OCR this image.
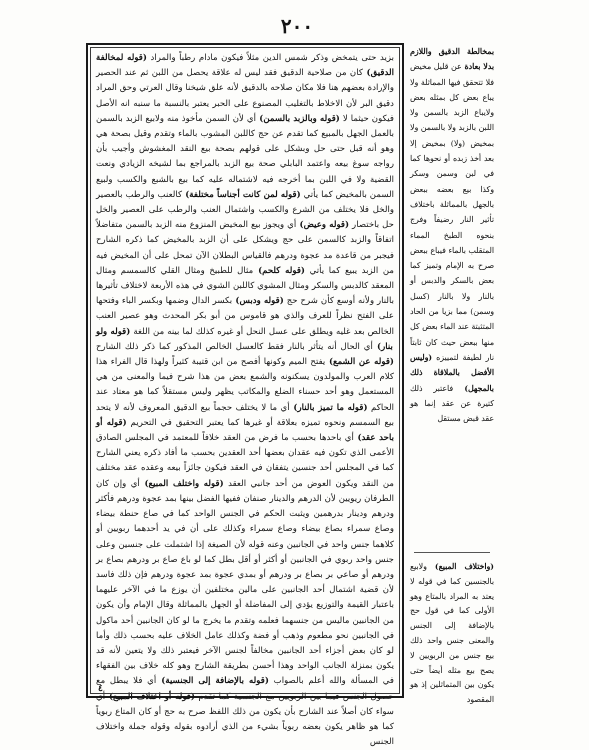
٢٠٠

بزيد حتى يتمخض وذكر شمس الدين مثلاً فيكون مادام رطباً والمراد (قوله لمخالفة الدقيق) كان من صلاحية الدقيق فقد ليس له علاقة يحصل من اللبن ثم عند الحصير والإرادة بعضهم هنا فلا مكان صلاحه بالدقيق لأنه علق شيخنا وقال العرتي وحق المراد دقيق البر لأن الاخلاط بالتغليب المصنوع على الحبر يعتبر بالنسبة ما سنبه انه الأصل فيكون حيثما لا (قوله وبالزبد بالسمن) أي لأن السمن مأخوذ منه ولابيع الزبد بالسمن بالعمل الجهل بالمبيع كما تقدم عن حج كاللبن المشوب بالماء وتقدم وقيل بصحة هي وهو أنه قبل حتى حل وبشكل على قولهم بصحة بيع النقد المغشوش وأجيب بأن رواجه سوغ بيعه واعتمد البابلي صحة بيع الزبد بالمراجع بما لشيخه الزيادي ونعت القضية ولا في اللبن بما أخرجه فيه لاشتماله عليه كما بيع بالشبع والكسب ولبيع السمن بالمخيض كما يأتي (قوله لمن كانت أجناساً مختلفة) كالعنب والرطب بالعصير والخل فلا يختلف من الشرع والكسب واشتمال العنب والرطب على العصير والخل حل باختصار (قوله وعيض) أي ويجوز بيع المخيض المنزوع منه الزبد بالسمن متفاضلاً اتفاقاً والزبد كالسمن على حج ويشكل على أن الزبد بالمخيض كما ذكره الشارح فيجبر من قاعدة مد عجوة ودرهم فالقياس البطلان الآن تمحل على أن المخيض فيه من الزبد يبيع كما يأتي (قوله كلحم) مثال للطبيخ ومثال القلي كالسمسم ومثال المعقد كالدبس والسكر ومثال المشوي كاللبن الشوي في هذه الأربعة لاختلاف تأثيرها بالنار ولأنه أوسع كأن شرح حج (قوله ودبس) بكسر الدال وضمها وبكسر الباء وفتحها على الفتح نظراً للعرف والذي هو قاموس من أبو بكر المحدث وهو عصير العنب الخالص بعد غليه ويطلق على عسل النحل أو غيره كذلك لما بينه من اللغة (قوله ولو بنار) أي الحال أنه يتأثر بالنار فقط كالعسل الخالص المذكور كما ذكر ذلك الشارح (قوله عن الشمع) يفتح الميم وكونها أفصح من ابن قتيبة كثيراً ولهذا قال الفراء هذا كلام العرب والمولدون يسكنونه والشمع بعض من هذا شرح فيما والمعنى من هي المستعمل وهو أحد حسناء الضلع والمكاتب يظهر وليس مستقلاً كما هو معتاد عند الحاكم (قوله ما تميز بالنار) أي ما لا يختلف حجماً بيع الدقيق المعروف لأنه لا يتحد بيع السمسم ونحوه تميزه بعلاقة أو غيرها كما يعتبر التحقيق في التحريم (قوله أو باحد عقد) أي باحدها بحسب ما فرض من العقد خلافاً للمعتمد في المجلس الصادق الأعمى الذي تكون فيه عقدان بعضها أحد العقدين بحسب ما أفاد ذكره يعني الشارح كما في المجلس أحد جنسين يتفقان في العقد فيكون جائزاً بيعه وعقده عقد مختلف من النقد ويكون العوض من أحد جانبي العقد (قوله واختلف المبيع) أي وإن كان الطرفان ريويين لأن الدرهم والدينار صنفان ففيها الفضل بينها بمد عجوة ودرهم فأكثر ودرهم ودينار بدرهمين ويثبت الحكم في الجنس الواحد كما في صاع حنطة بيضاء وصاع سمراء بصاع بيضاء وصاع سمراء وكذلك على أن في يد أحدهما ربويين أو كلاهما جنس واحد في الجانبين وعنه قوله لأن الصيغة إذا اشتملت على جنسين وعلى جنس واحد ربوي في الجانبين أو أكثر أو أقل بطل كما لو باع صاع بر ودرهم بصاع بر ودرهم أو صاعي بر بصاع بر ودرهم أو بمدي عجوة بمد عجوة ودرهم فإن ذلك فاسد لأن قضية اشتمال أحد الجانبين على مالين مختلفين أن يوزع ما في الآخر عليهما باعتبار القيمة والتوزيع يؤدي إلى المفاضلة أو الجهل بالمماثلة وقال الإمام وأن يكون من الجانبين ماليس من جنسهما فعلمه وتقدم ما يخرج ما لو كان الجانبين أحد ماكول في الجانبين نحو مطعوم وذهب أو فضة وكذلك عامل الخلاف عليه بحسب ذلك وأما لو كان بعض أجزاء أحد الجانبين مخالفاً لجنس الآخر فيعتبر ذلك ولا يتعين لأنه قد يكون بمنزلة الجانب الواحد وهذا أحسن بطريقة الشارح وهو كله خلاف بين الفقهاء في المسألة والله أعلم بالصواب (قوله بالإضافة إلى الجنسية) أي فلا يبطل مع حصول الجنس فيما بين الربويين مع الجنسية كما تقدم (قوله أو اختلاف المبيع) أي سواء كان أصلاً عند الشارح بأن يكون من ذلك اللفظ صرح به حج أو كان المتاع ربوياً كما هو ظاهر يكون بعضه ربوياً بشيء من الذي أرادوه بقوله وقوله جملة واختلاف الجنس

٤
بمخالطة الدقيق واللازم بدلا بعادة عن قليل مخيض فلا تتحقق فيها المماثلة ولا يباع بعض كل بمثله بعض ولايباع الزبد بالسمن ولا اللبن بالزبد ولا بالسمن ولا بمخيض (ولا) بمخيض إلا بعد أخذ زبده أو نحوها كما في لبن وسمن وسكر وكذا بيع بعضه ببعض بالجهل بالمماثلة باختلاف تأثير النار رضيفاً وفرج بنحوه الطبخ المماء المتقلب بالماء فيباع ببعض صرح به الإمام وتميز كما بعض بالسكر والدبس أو بالنار ولا بالنار (كسل وسمن) مما بزيا من الحاد المتثبتة عند الماء بعض كل منها ببعض حيث كان ثابتاً نار لطيفة لتمييزه (وليس الأفضل بالملاقاة ذلك بالمجهل) فاعتبر ذلك كتيرة عن عقد إنما هو عقد قبض مستقل
(واختلاف المبيع) ولابيع بالجنسين كما في قوله لا يعتد به المراد بالمتاع وهو الأولى كما في قول حج بالإضافة إلى الجنس والمعنى جنس واحد ذلك بيع جنس من الربويين لا يصح بيع مثله أيضاً حتى يكون بين المتماثلين إذ هو المقصود
